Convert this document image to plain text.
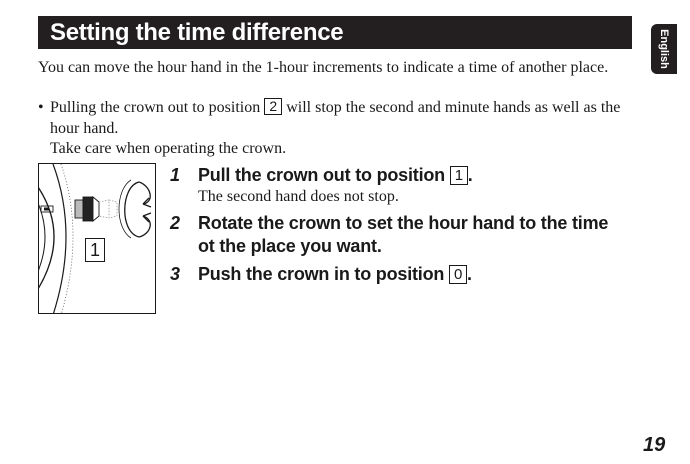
Setting the time difference	English
You can move the hour hand in the 1-hour increments to indicate a time of another place.
• Pulling the crown out to position 2 will stop the second and minute hands as well as the hour hand.
Take care when operating the crown.
1
1 Pull the crown out to position 1 .
The second hand does not stop.
2 Rotate the crown to set the hour hand to the time ot the place you want.
3 Push the crown in to position 0 .
19
